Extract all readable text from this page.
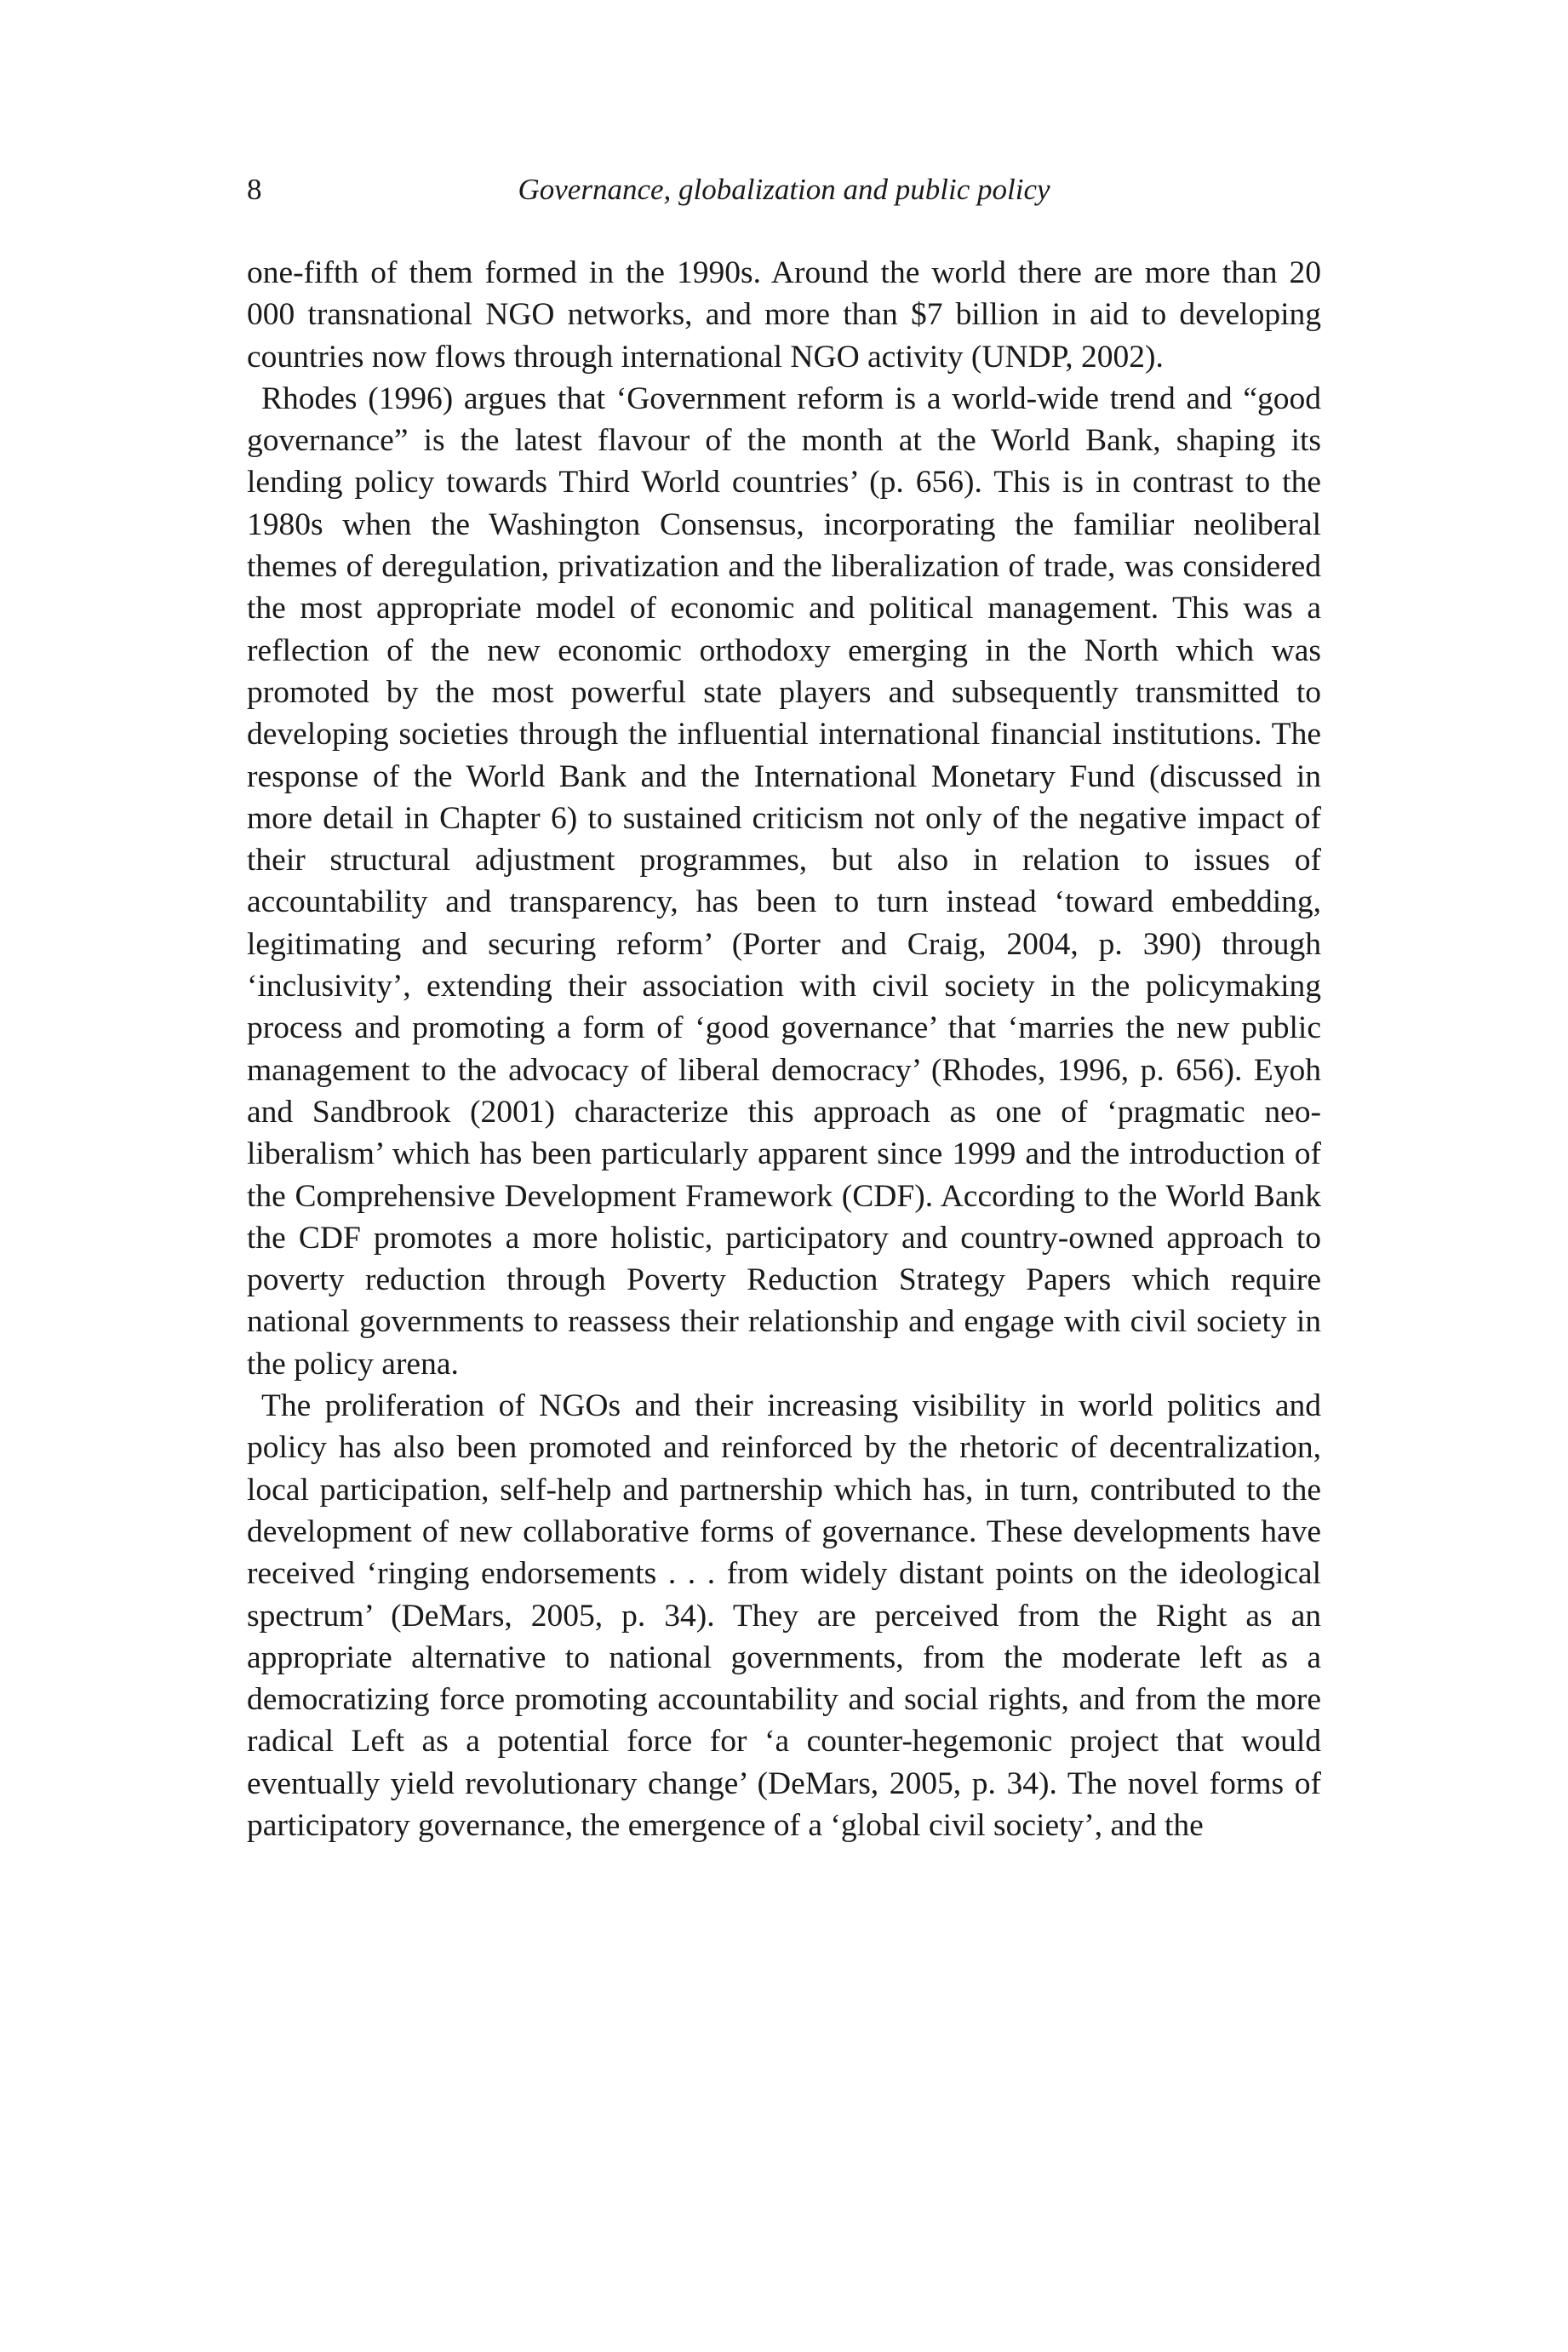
8	Governance, globalization and public policy

one-fifth of them formed in the 1990s. Around the world there are more than 20 000 transnational NGO networks, and more than $7 billion in aid to developing countries now flows through international NGO activity (UNDP, 2002).

Rhodes (1996) argues that ‘Government reform is a world-wide trend and “good governance” is the latest flavour of the month at the World Bank, shaping its lending policy towards Third World countries’ (p. 656). This is in contrast to the 1980s when the Washington Consensus, incorporating the familiar neoliberal themes of deregulation, privatization and the liberalization of trade, was considered the most appropriate model of economic and political management. This was a reflection of the new economic orthodoxy emerging in the North which was promoted by the most powerful state players and subsequently transmitted to developing societies through the influential international financial institutions. The response of the World Bank and the International Monetary Fund (discussed in more detail in Chapter 6) to sustained criticism not only of the negative impact of their structural adjustment programmes, but also in relation to issues of accountability and transparency, has been to turn instead ‘toward embedding, legitimating and securing reform’ (Porter and Craig, 2004, p. 390) through ‘inclusivity’, extending their association with civil society in the policymaking process and promoting a form of ‘good governance’ that ‘marries the new public management to the advocacy of liberal democracy’ (Rhodes, 1996, p. 656). Eyoh and Sandbrook (2001) characterize this approach as one of ‘pragmatic neo-liberalism’ which has been particularly apparent since 1999 and the introduction of the Comprehensive Development Framework (CDF). According to the World Bank the CDF promotes a more holistic, participatory and country-owned approach to poverty reduction through Poverty Reduction Strategy Papers which require national governments to reassess their relationship and engage with civil society in the policy arena.

The proliferation of NGOs and their increasing visibility in world politics and policy has also been promoted and reinforced by the rhetoric of decentralization, local participation, self-help and partnership which has, in turn, contributed to the development of new collaborative forms of governance. These developments have received ‘ringing endorsements . . . from widely distant points on the ideological spectrum’ (DeMars, 2005, p. 34). They are perceived from the Right as an appropriate alternative to national governments, from the moderate left as a democratizing force promoting accountability and social rights, and from the more radical Left as a potential force for ‘a counter-hegemonic project that would eventually yield revolutionary change’ (DeMars, 2005, p. 34). The novel forms of participatory governance, the emergence of a ‘global civil society’, and the
